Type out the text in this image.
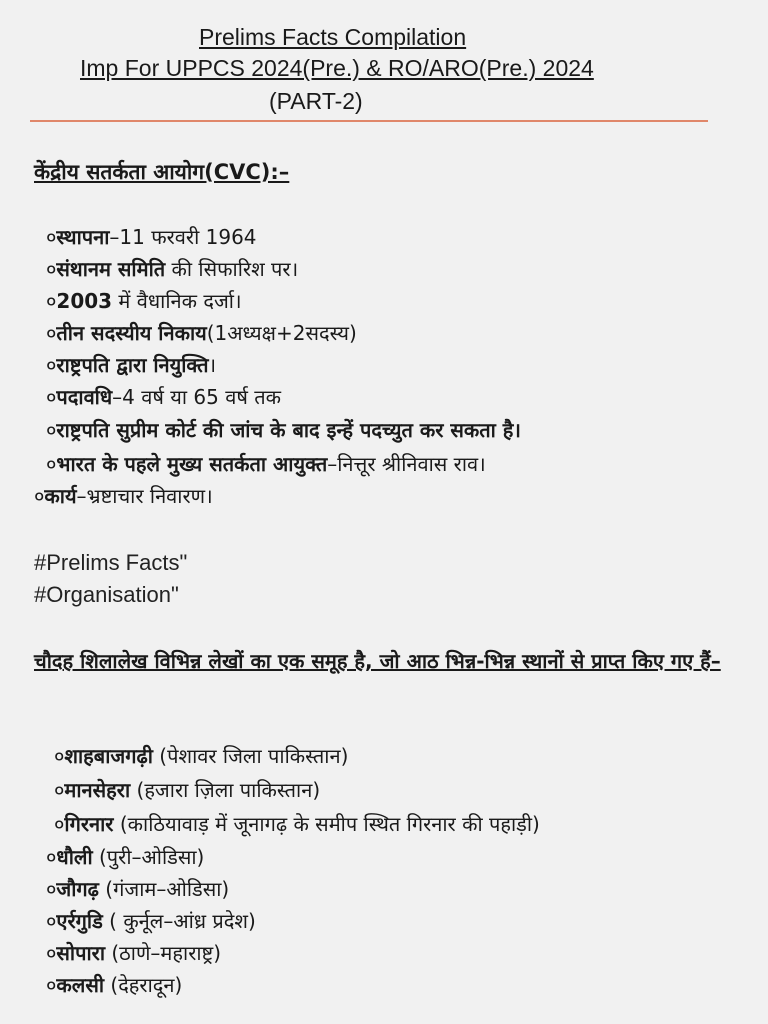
Prelims Facts Compilation
Imp For UPPCS 2024(Pre.) & RO/ARO(Pre.) 2024
(PART-2)
केंद्रीय सतर्कता आयोग(CVC):–
०स्थापना–11 फरवरी 1964
०संथानम समिति की सिफारिश पर।
०2003 में वैधानिक दर्जा।
०तीन सदस्यीय निकाय(1अध्यक्ष+2सदस्य)
०राष्ट्रपति द्वारा नियुक्ति।
०पदावधि–4 वर्ष या 65 वर्ष तक
०राष्ट्रपति सुप्रीम कोर्ट की जांच के बाद इन्हें पदच्युत कर सकता है।
०भारत के पहले मुख्य सतर्कता आयुक्त–नित्तूर श्रीनिवास राव।
०कार्य–भ्रष्टाचार निवारण।
#Prelims Facts"
#Organisation"
चौदह शिलालेख विभिन्न लेखों का एक समूह है, जो आठ भिन्न-भिन्न स्थानों से प्राप्त किए गए हैं–
०शाहबाजगढ़ी (पेशावर जिला पाकिस्तान)
०मानसेहरा (हजारा ज़िला पाकिस्तान)
०गिरनार (काठियावाड़ में जूनागढ़ के समीप स्थित गिरनार की पहाड़ी)
०धौली (पुरी–ओडिसा)
०जौगढ़ (गंजाम–ओडिसा)
०एर्रगुडि ( कुर्नूल–आंध्र प्रदेश)
०सोपारा (ठाणे–महाराष्ट्र)
०कलसी (देहरादून)
